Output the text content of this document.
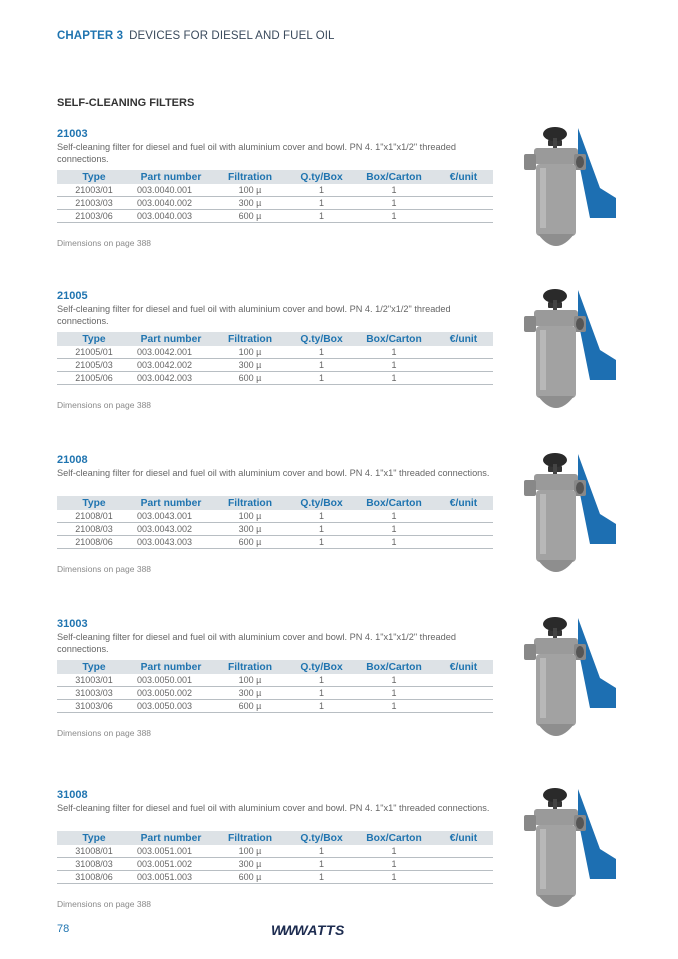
CHAPTER 3 DEVICES FOR DIESEL AND FUEL OIL
SELF-CLEANING FILTERS
21003
Self-cleaning filter for diesel and fuel oil with aluminium cover and bowl. PN 4. 1"x1"x1/2" threaded connections.
Type	Part number	Filtration	Q.ty/Box	Box/Carton	€/unit
21003/01	003.0040.001	100 µ	1	1	
21003/03	003.0040.002	300 µ	1	1	
21003/06	003.0040.003	600 µ	1	1	
Dimensions on page 388
21005
Self-cleaning filter for diesel and fuel oil with aluminium cover and bowl. PN 4. 1/2"x1/2" threaded connections.
Type	Part number	Filtration	Q.ty/Box	Box/Carton	€/unit
21005/01	003.0042.001	100 µ	1	1	
21005/03	003.0042.002	300 µ	1	1	
21005/06	003.0042.003	600 µ	1	1	
Dimensions on page 388
21008
Self-cleaning filter for diesel and fuel oil with aluminium cover and bowl. PN 4. 1"x1" threaded connections.
Type	Part number	Filtration	Q.ty/Box	Box/Carton	€/unit
21008/01	003.0043.001	100 µ	1	1	
21008/03	003.0043.002	300 µ	1	1	
21008/06	003.0043.003	600 µ	1	1	
Dimensions on page 388
31003
Self-cleaning filter for diesel and fuel oil with aluminium cover and bowl. PN 4. 1"x1"x1/2" threaded connections.
Type	Part number	Filtration	Q.ty/Box	Box/Carton	€/unit
31003/01	003.0050.001	100 µ	1	1	
31003/03	003.0050.002	300 µ	1	1	
31003/06	003.0050.003	600 µ	1	1	
Dimensions on page 388
31008
Self-cleaning filter for diesel and fuel oil with aluminium cover and bowl. PN 4. 1"x1" threaded connections.
Type	Part number	Filtration	Q.ty/Box	Box/Carton	€/unit
31008/01	003.0051.001	100 µ	1	1	
31008/03	003.0051.002	300 µ	1	1	
31008/06	003.0051.003	600 µ	1	1	
Dimensions on page 388
78	WWWATTS
